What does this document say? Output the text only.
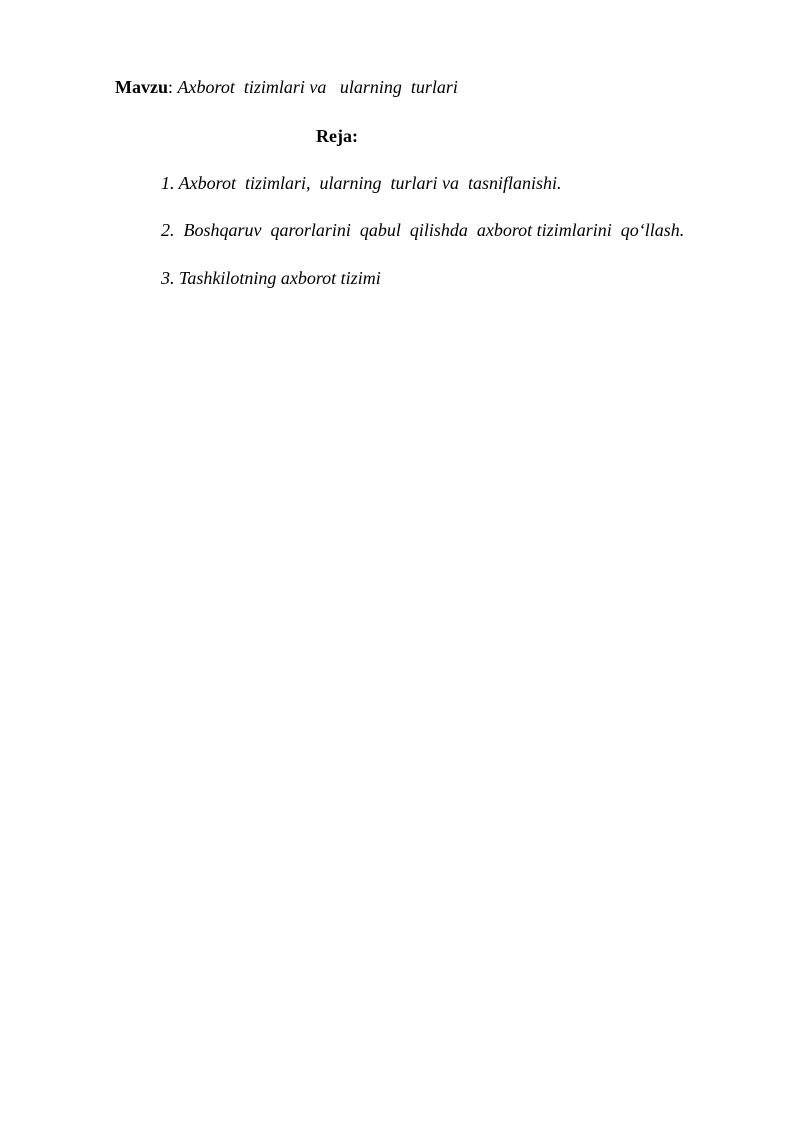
Mavzu: Axborot  tizimlari va   ularning  turlari
Reja:
1. Axborot  tizimlari,  ularning  turlari va  tasniflanishi.
2.  Boshqaruv  qarorlarini  qabul  qilishda  axborot tizimlarini  qo‘llash.
3. Tashkilotning axborot tizimi
